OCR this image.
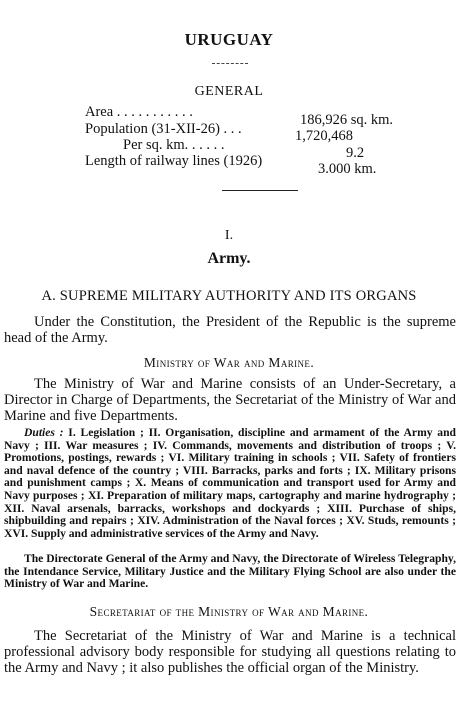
URUGUAY
GENERAL
Area . . . . . . . . . . .	186,926 sq. km.
Population (31-XII-26) . . .	1,720,468
Per sq. km. . . . . .	9.2
Length of railway lines (1926)	3.000 km.
I.
Army.
A. SUPREME MILITARY AUTHORITY AND ITS ORGANS
Under the Constitution, the President of the Republic is the supreme head of the Army.
Ministry of War and Marine.
The Ministry of War and Marine consists of an Under-Secretary, a Director in Charge of Departments, the Secretariat of the Ministry of War and Marine and five Departments.
Duties : I. Legislation ; II. Organisation, discipline and armament of the Army and Navy ; III. War measures ; IV. Commands, movements and distribution of troops ; V. Promotions, postings, rewards ; VI. Military training in schools ; VII. Safety of frontiers and naval defence of the country ; VIII. Barracks, parks and forts ; IX. Military prisons and punishment camps ; X. Means of communication and transport used for Army and Navy purposes ; XI. Preparation of military maps, cartography and marine hydrography ; XII. Naval arsenals, barracks, workshops and dockyards ; XIII. Purchase of ships, shipbuilding and repairs ; XIV. Administration of the Naval forces ; XV. Studs, remounts ; XVI. Supply and administrative services of the Army and Navy.
The Directorate General of the Army and Navy, the Directorate of Wireless Telegraphy, the Intendance Service, Military Justice and the Military Flying School are also under the Ministry of War and Marine.
Secretariat of the Ministry of War and Marine.
The Secretariat of the Ministry of War and Marine is a technical professional advisory body responsible for studying all questions relating to the Army and Navy ; it also publishes the official organ of the Ministry.
